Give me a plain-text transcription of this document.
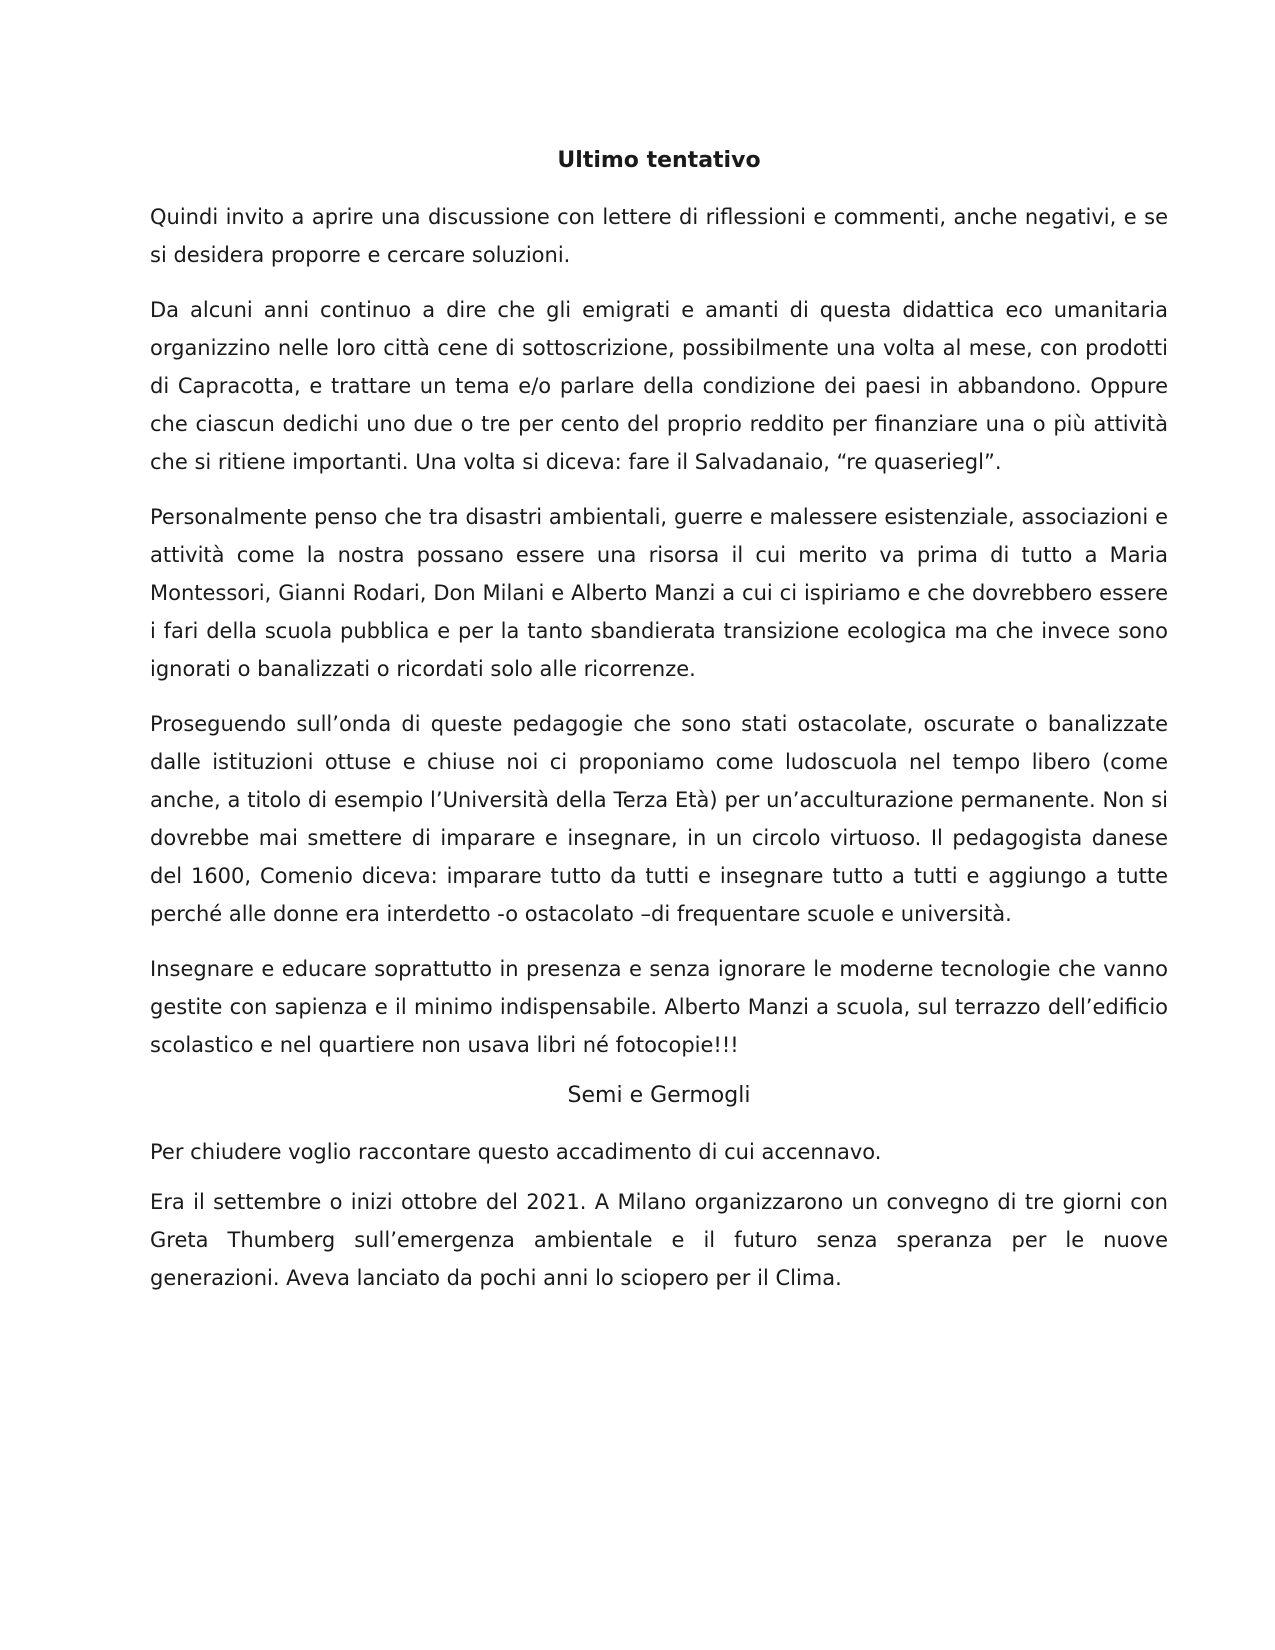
Ultimo tentativo

Quindi invito a aprire una discussione con lettere di riflessioni e commenti, anche negativi, e se si desidera proporre e cercare soluzioni.

Da alcuni anni continuo a dire che gli emigrati e amanti di questa didattica eco umanitaria organizzino nelle loro città cene di sottoscrizione, possibilmente una volta al mese, con prodotti di Capracotta, e trattare un tema e/o parlare della condizione dei paesi in abbandono. Oppure che ciascun dedichi uno due o tre per cento del proprio reddito per finanziare una o più attività che si ritiene importanti. Una volta si diceva: fare il Salvadanaio, “re quaseriegl”.

Personalmente penso che tra disastri ambientali, guerre e malessere esistenziale, associazioni e attività come la nostra possano essere una risorsa il cui merito va prima di tutto a Maria Montessori, Gianni Rodari, Don Milani e Alberto Manzi a cui ci ispiriamo e che dovrebbero essere i fari della scuola pubblica e per la tanto sbandierata transizione ecologica ma che invece sono ignorati o banalizzati o ricordati solo alle ricorrenze.

Proseguendo sull’onda di queste pedagogie che sono stati ostacolate, oscurate o banalizzate dalle istituzioni ottuse e chiuse noi ci proponiamo come ludoscuola nel tempo libero (come anche, a titolo di esempio l’Università della Terza Età) per un’acculturazione permanente. Non si dovrebbe mai smettere di imparare e insegnare, in un circolo virtuoso. Il pedagogista danese del 1600, Comenio diceva: imparare tutto da tutti e insegnare tutto a tutti e aggiungo a tutte perché alle donne era interdetto -o ostacolato –di frequentare scuole e università.

Insegnare e educare soprattutto in presenza e senza ignorare le moderne tecnologie che vanno gestite con sapienza e il minimo indispensabile. Alberto Manzi a scuola, sul terrazzo dell’edificio scolastico e nel quartiere non usava libri né fotocopie!!!

Semi e Germogli

Per chiudere voglio raccontare questo accadimento di cui accennavo.

Era il settembre o inizi ottobre del 2021. A Milano organizzarono un convegno di tre giorni con Greta Thumberg sull’emergenza ambientale e il futuro senza speranza per le nuove generazioni. Aveva lanciato da pochi anni lo sciopero per il Clima.
